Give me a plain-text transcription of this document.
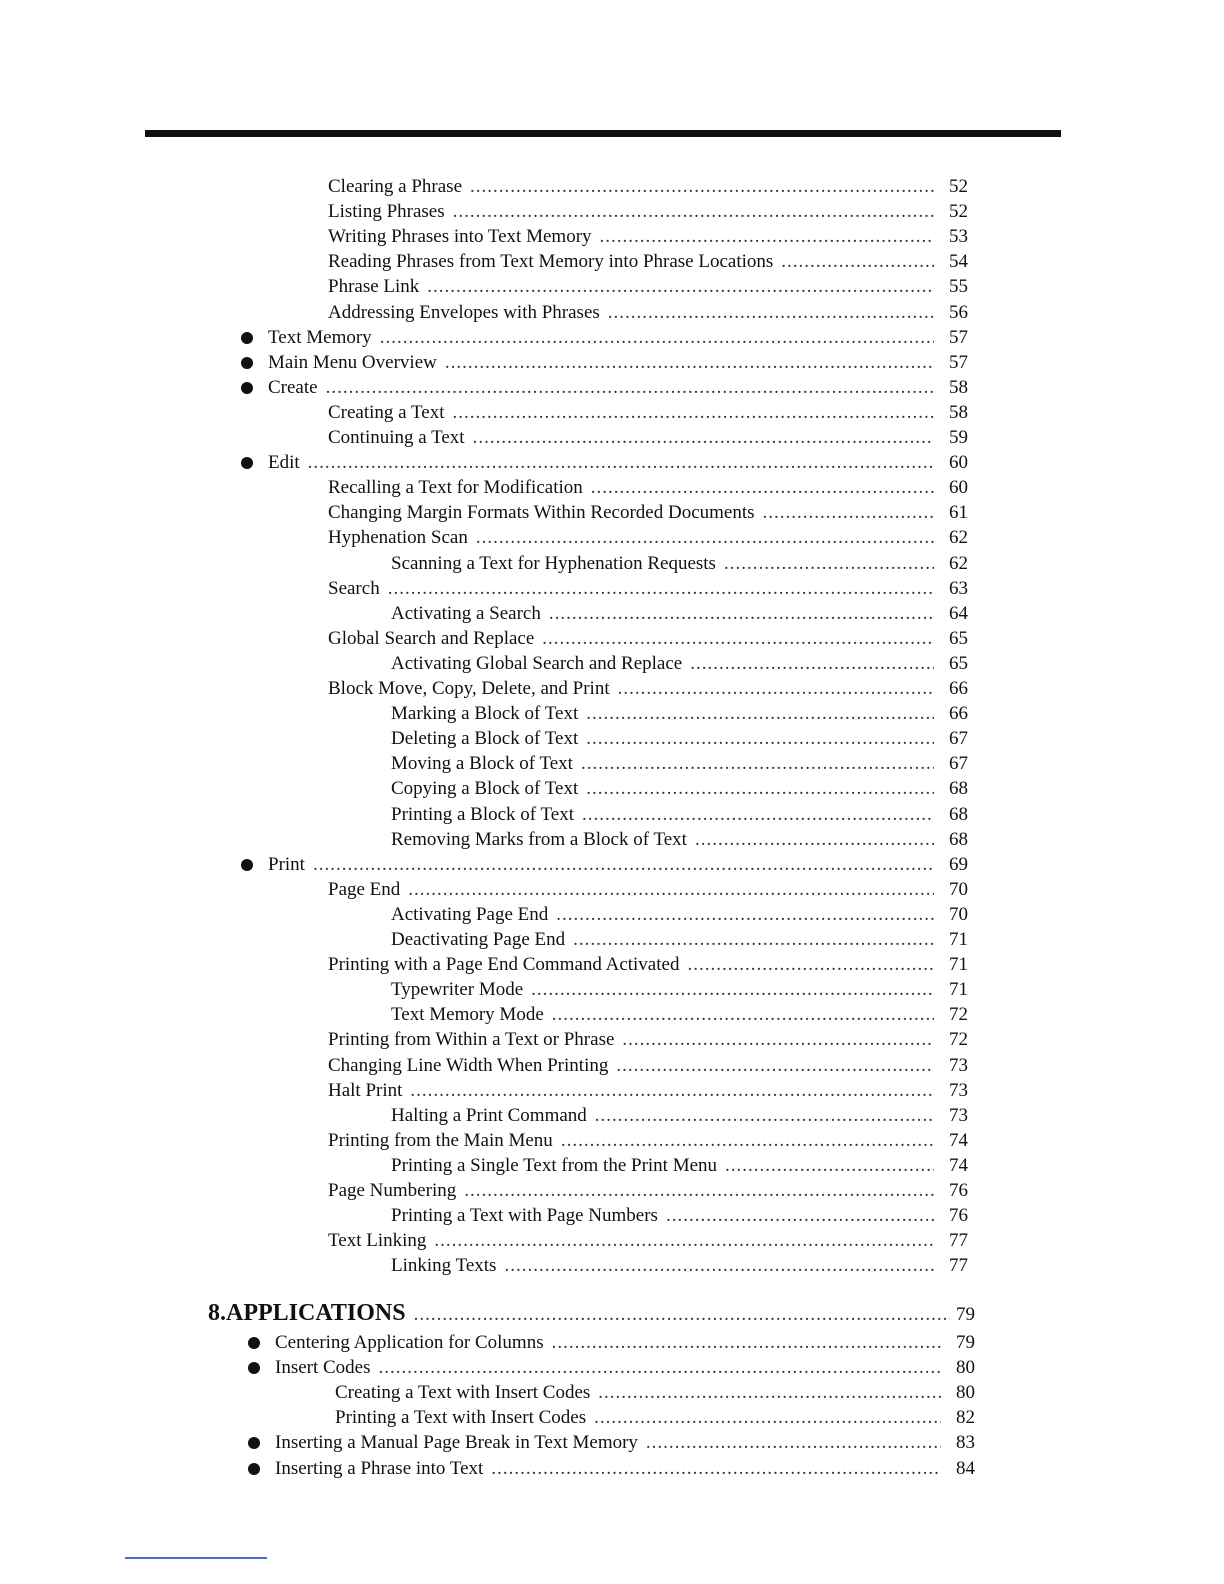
Clearing a Phrase .....	52
Listing Phrases .....	52
Writing Phrases into Text Memory .....	53
Reading Phrases from Text Memory into Phrase Locations .....	54
Phrase Link .....	55
Addressing Envelopes with Phrases .....	56
Text Memory .....	57
Main Menu Overview .....	57
Create .....	58
Creating a Text .....	58
Continuing a Text .....	59
Edit .....	60
Recalling a Text for Modification .....	60
Changing Margin Formats Within Recorded Documents .....	61
Hyphenation Scan .....	62
Scanning a Text for Hyphenation Requests .....	62
Search .....	63
Activating a Search .....	64
Global Search and Replace .....	65
Activating Global Search and Replace .....	65
Block Move, Copy, Delete, and Print .....	66
Marking a Block of Text .....	66
Deleting a Block of Text .....	67
Moving a Block of Text .....	67
Copying a Block of Text .....	68
Printing a Block of Text .....	68
Removing Marks from a Block of Text .....	68
Print .....	69
Page End .....	70
Activating Page End .....	70
Deactivating Page End .....	71
Printing with a Page End Command Activated .....	71
Typewriter Mode .....	71
Text Memory Mode .....	72
Printing from Within a Text or Phrase .....	72
Changing Line Width When Printing .....	73
Halt Print .....	73
Halting a Print Command .....	73
Printing from the Main Menu .....	74
Printing a Single Text from the Print Menu .....	74
Page Numbering .....	76
Printing a Text with Page Numbers .....	76
Text Linking .....	77
Linking Texts .....	77
8. APPLICATIONS .....	79
Centering Application for Columns .....	79
Insert Codes .....	80
Creating a Text with Insert Codes .....	80
Printing a Text with Insert Codes .....	82
Inserting a Manual Page Break in Text Memory .....	83
Inserting a Phrase into Text .....	84
